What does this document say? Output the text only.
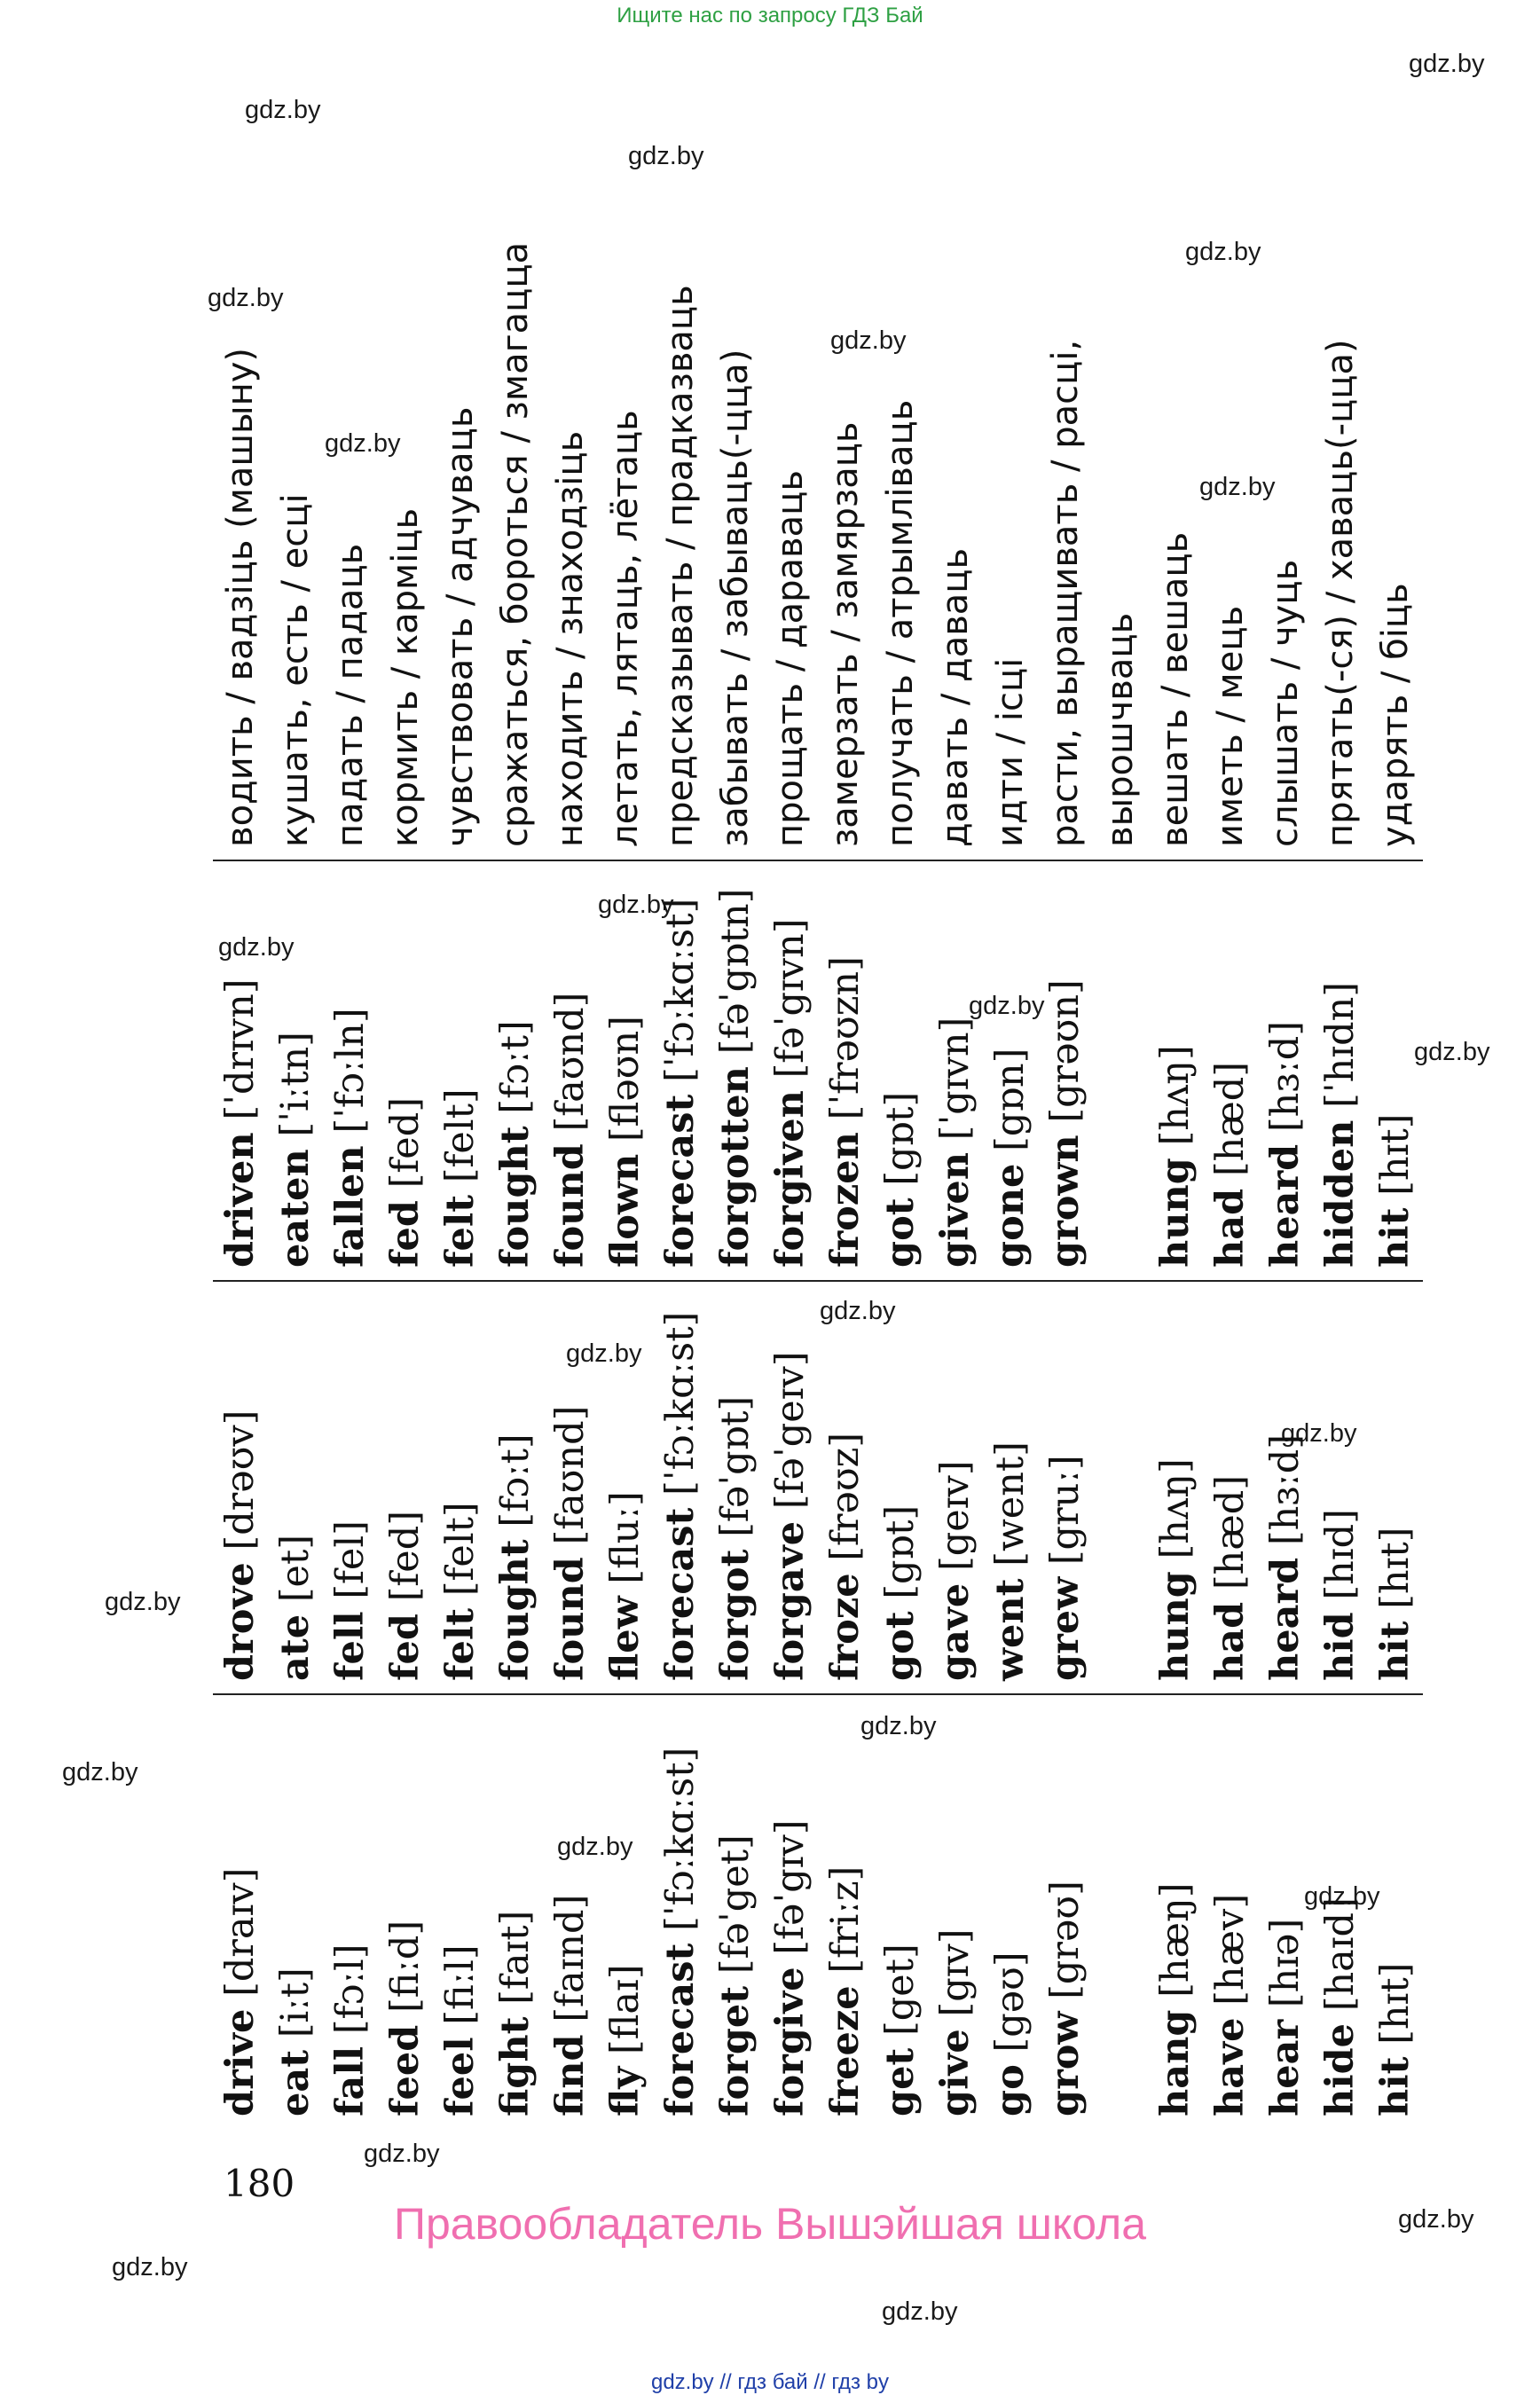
Ищите нас по запросу ГДЗ Бай
gdz.by
gdz.by
gdz.by
gdz.by
gdz.by
gdz.by
gdz.by
gdz.by
gdz.by
gdz.by
gdz.by
gdz.by
gdz.by
gdz.by
gdz.by
gdz.by
gdz.by
gdz.by
gdz.by
gdz.by
gdz.by
gdz.by
gdz.by
gdz.by
drive [draɪv]	drove [drəʊv]	driven [ˈdrɪvn]	водить / вадзіць (машыну)
eat [iːt]	ate [et]	eaten [ˈiːtn]	кушать, есть / есці
fall [fɔːl]	fell [fel]	fallen [ˈfɔːln]	падать / падаць
feed [fiːd]	fed [fed]	fed [fed]	кормить / карміць
feel [fiːl]	felt [felt]	felt [felt]	чувствовать / адчуваць
fight [faɪt]	fought [fɔːt]	fought [fɔːt]	сражаться, бороться / змагацца
find [faɪnd]	found [faʊnd]	found [faʊnd]	находить / знаходзіць
fly [flaɪ]	flew [fluː]	flown [fləʊn]	летать, лятаць, лётаць
forecast [ˈfɔːkɑːst]	forecast [ˈfɔːkɑːst]	forecast [ˈfɔːkɑːst]	предсказывать / прадказваць
forget [fəˈget]	forgot [fəˈgɒt]	forgotten [fəˈgɒtn]	забывать / забываць(-цца)
forgive [fəˈgɪv]	forgave [fəˈgeɪv]	forgiven [fəˈgɪvn]	прощать / дараваць
freeze [friːz]	froze [frəʊz]	frozen [ˈfrəʊzn]	замерзать / замярзаць
get [get]	got [gɒt]	got [gɒt]	получать / атрымліваць
give [gɪv]	gave [geɪv]	given [ˈgɪvn]	давать / даваць
go [gəʊ]	went [went]	gone [gɒn]	идти / ісці
grow [grəʊ]	grew [gruː]	grown [grəʊn]	расти, выращивать / расці, вырошчваць
hang [hæŋ]	hung [hʌŋ]	hung [hʌŋ]	вешать / вешаць
have [hæv]	had [hæd]	had [hæd]	иметь / мець
hear [hɪə]	heard [hɜːd]	heard [hɜːd]	слышать / чуць
hide [haɪd]	hid [hɪd]	hidden [ˈhɪdn]	прятать(-ся) / хаваць(-цца)
hit [hɪt]	hit [hɪt]	hit [hɪt]	ударять / біць
180
Правообладатель Вышэйшая школа
gdz.by // гдз бай // гдз by
